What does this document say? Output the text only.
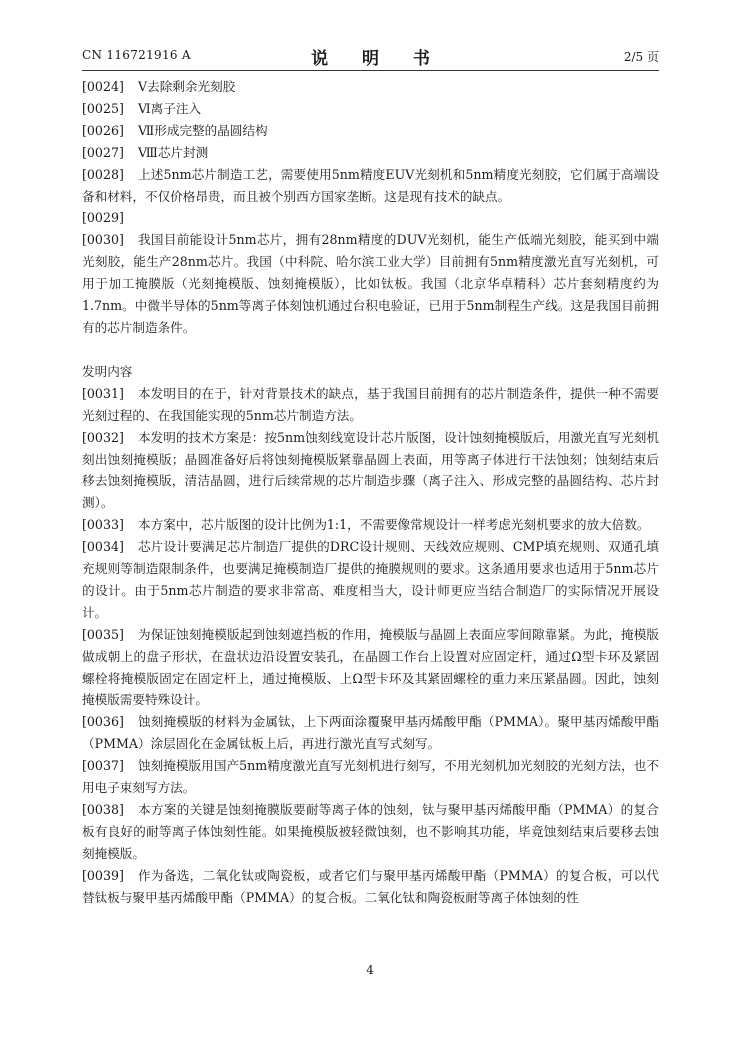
CN 116721916 A	说 明 书	2/5 页
[0024]	Ⅴ去除剩余光刻胶
[0025]	Ⅵ离子注入
[0026]	Ⅶ形成完整的晶圆结构
[0027]	Ⅷ芯片封测
[0028]	上述5nm芯片制造工艺，需要使用5nm精度EUV光刻机和5nm精度光刻胶，它们属于高端设备和材料，不仅价格昂贵，而且被个别西方国家垄断。这是现有技术的缺点。
[0029]

[0030]	我国目前能设计5nm芯片，拥有28nm精度的DUV光刻机，能生产低端光刻胶，能买到中端光刻胶，能生产28nm芯片。我国（中科院、哈尔滨工业大学）目前拥有5nm精度激光直写光刻机，可用于加工掩膜版（光刻掩模版、蚀刻掩模版），比如钛板。我国（北京华卓精科）芯片套刻精度约为1.7nm。中微半导体的5nm等离子体刻蚀机通过台积电验证，已用于5nm制程生产线。这是我国目前拥有的芯片制造条件。
发明内容
[0031]	本发明目的在于，针对背景技术的缺点，基于我国目前拥有的芯片制造条件，提供一种不需要光刻过程的、在我国能实现的5nm芯片制造方法。
[0032]	本发明的技术方案是：按5nm蚀刻线宽设计芯片版图，设计蚀刻掩模版后，用激光直写光刻机刻出蚀刻掩模版；晶圆准备好后将蚀刻掩模版紧靠晶圆上表面，用等离子体进行干法蚀刻；蚀刻结束后移去蚀刻掩模版，清洁晶圆，进行后续常规的芯片制造步骤（离子注入、形成完整的晶圆结构、芯片封测）。
[0033]	本方案中，芯片版图的设计比例为1:1，不需要像常规设计一样考虑光刻机要求的放大倍数。
[0034]	芯片设计要满足芯片制造厂提供的DRC设计规则、天线效应规则、CMP填充规则、双通孔填充规则等制造限制条件，也要满足掩模制造厂提供的掩膜规则的要求。这条通用要求也适用于5nm芯片的设计。由于5nm芯片制造的要求非常高、难度相当大，设计师更应当结合制造厂的实际情况开展设计。
[0035]	为保证蚀刻掩模版起到蚀刻遮挡板的作用，掩模版与晶圆上表面应零间隙靠紧。为此，掩模版做成朝上的盘子形状，在盘状边沿设置安装孔，在晶圆工作台上设置对应固定杆，通过Ω型卡环及紧固螺栓将掩模版固定在固定杆上，通过掩模版、上Ω型卡环及其紧固螺栓的重力来压紧晶圆。因此，蚀刻掩模版需要特殊设计。
[0036]	蚀刻掩模版的材料为金属钛，上下两面涂覆聚甲基丙烯酸甲酯（PMMA）。聚甲基丙烯酸甲酯（PMMA）涂层固化在金属钛板上后，再进行激光直写式刻写。
[0037]	蚀刻掩模版用国产5nm精度激光直写光刻机进行刻写，不用光刻机加光刻胶的光刻方法，也不用电子束刻写方法。
[0038]	本方案的关键是蚀刻掩膜版要耐等离子体的蚀刻，钛与聚甲基丙烯酸甲酯（PMMA）的复合板有良好的耐等离子体蚀刻性能。如果掩模版被轻微蚀刻，也不影响其功能，毕竟蚀刻结束后要移去蚀刻掩模版。
[0039]	作为备选，二氧化钛或陶瓷板，或者它们与聚甲基丙烯酸甲酯（PMMA）的复合板，可以代替钛板与聚甲基丙烯酸甲酯（PMMA）的复合板。二氧化钛和陶瓷板耐等离子体蚀刻的性
4
